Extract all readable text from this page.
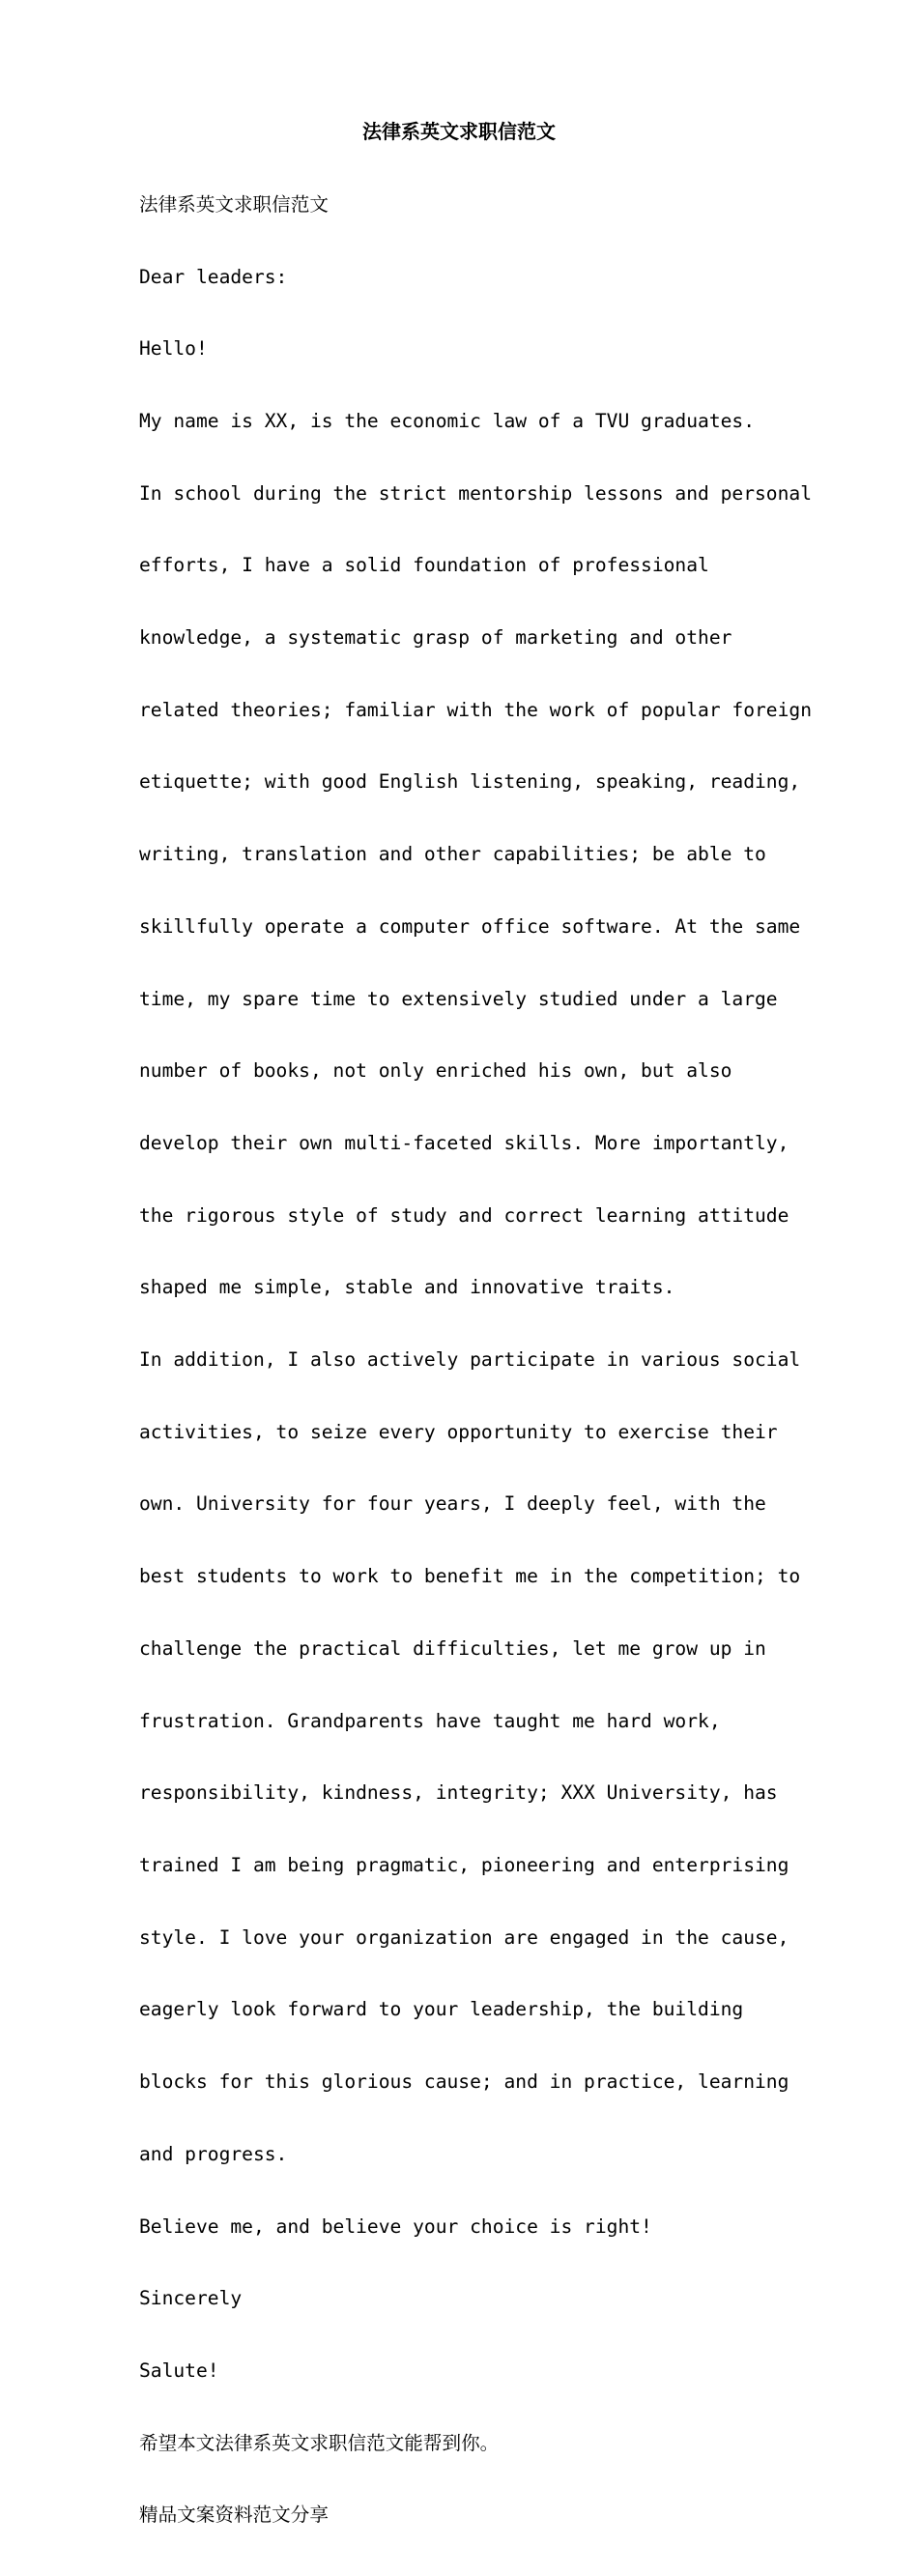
法律系英文求职信范文

法律系英文求职信范文

Dear leaders:

Hello!

My name is XX, is the economic law of a TVU graduates.

In school during the strict mentorship lessons and personal

efforts, I have a solid foundation of professional

knowledge, a systematic grasp of marketing and other

related theories; familiar with the work of popular foreign

etiquette; with good English listening, speaking, reading,

writing, translation and other capabilities; be able to

skillfully operate a computer office software. At the same

time, my spare time to extensively studied under a large

number of books, not only enriched his own, but also

develop their own multi-faceted skills. More importantly,

the rigorous style of study and correct learning attitude

shaped me simple, stable and innovative traits.

In addition, I also actively participate in various social

activities, to seize every opportunity to exercise their

own. University for four years, I deeply feel, with the

best students to work to benefit me in the competition; to

challenge the practical difficulties, let me grow up in

frustration. Grandparents have taught me hard work,

responsibility, kindness, integrity; XXX University, has

trained I am being pragmatic, pioneering and enterprising

style. I love your organization are engaged in the cause,

eagerly look forward to your leadership, the building

blocks for this glorious cause; and in practice, learning

and progress.

Believe me, and believe your choice is right!

Sincerely

Salute!

希望本文法律系英文求职信范文能帮到你。

精品文案资料范文分享
